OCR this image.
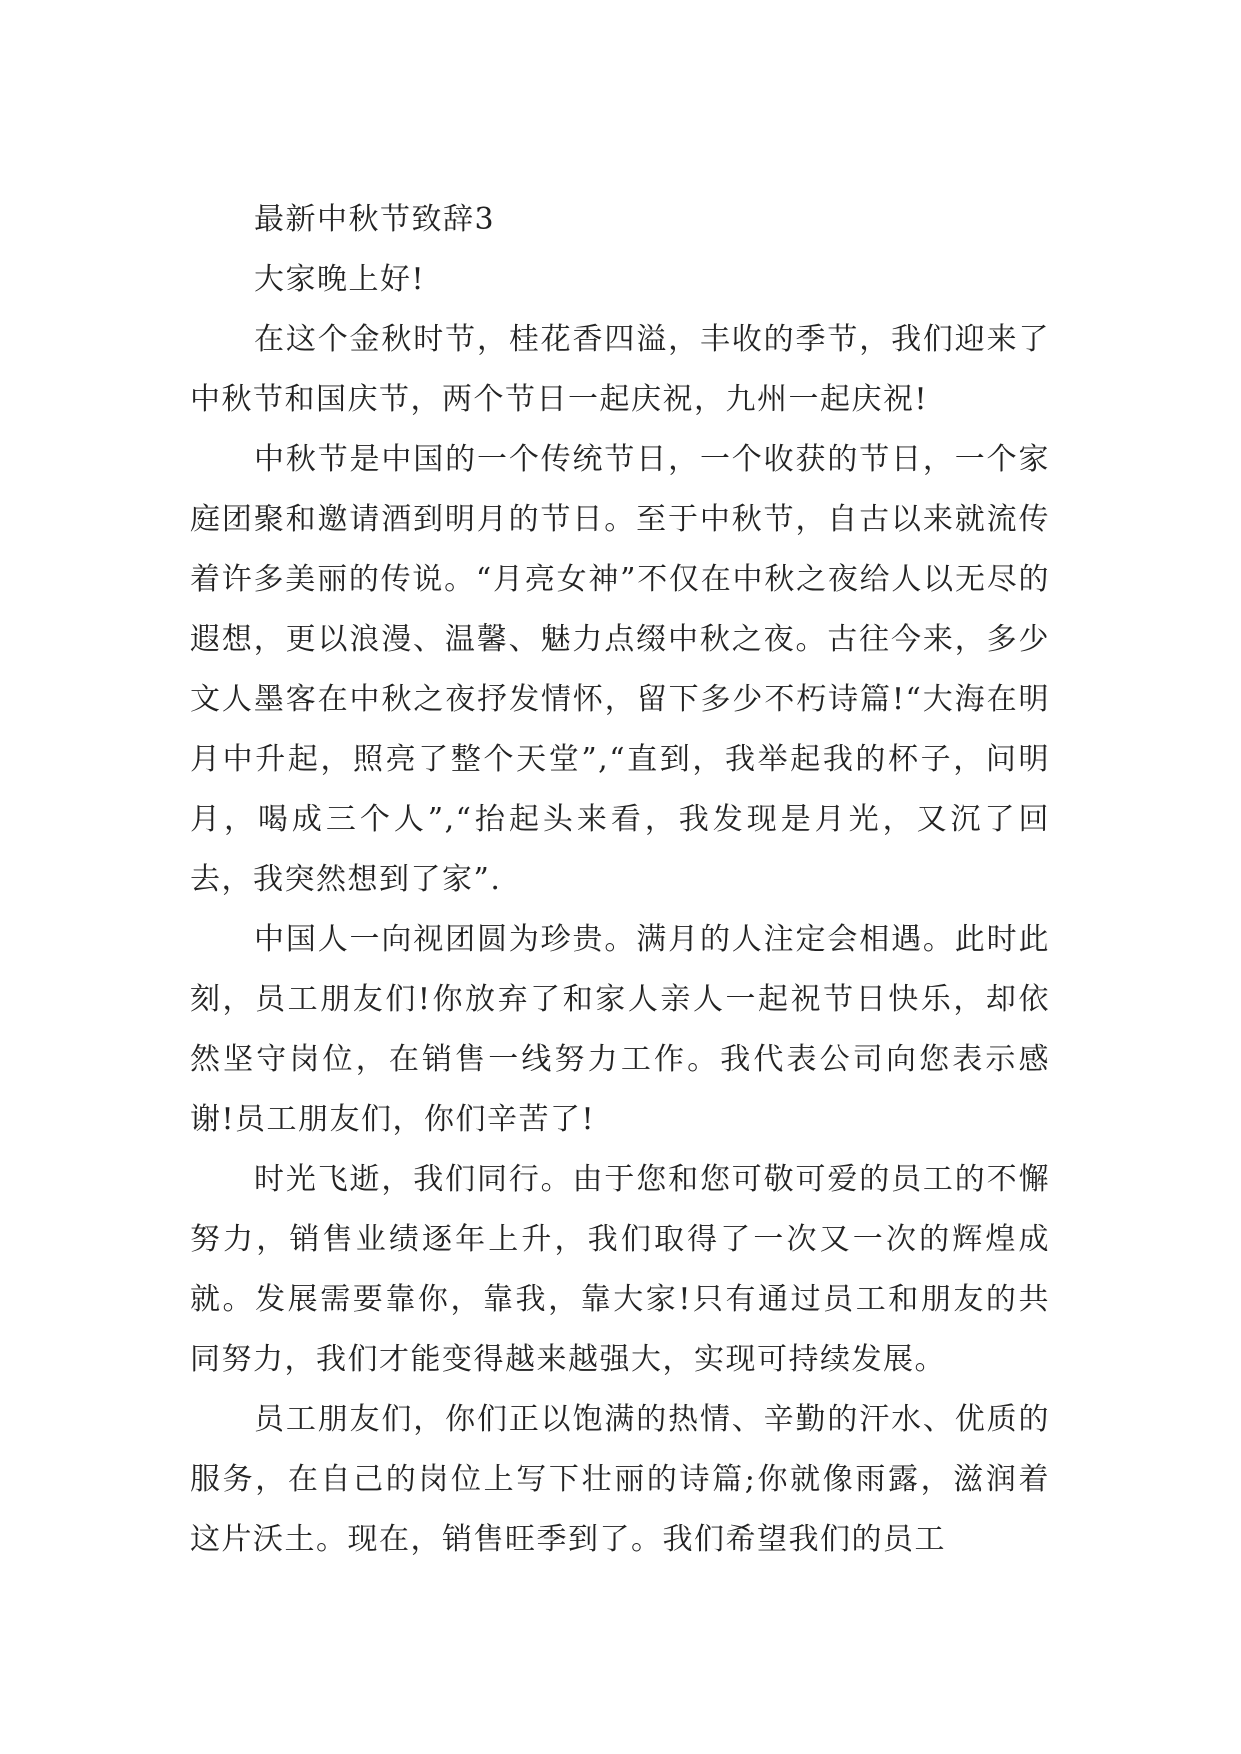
最新中秋节致辞3

大家晚上好!

在这个金秋时节，桂花香四溢，丰收的季节，我们迎来了中秋节和国庆节，两个节日一起庆祝，九州一起庆祝!

中秋节是中国的一个传统节日，一个收获的节日，一个家庭团聚和邀请酒到明月的节日。至于中秋节，自古以来就流传着许多美丽的传说。“月亮女神”不仅在中秋之夜给人以无尽的遐想，更以浪漫、温馨、魅力点缀中秋之夜。古往今来，多少文人墨客在中秋之夜抒发情怀，留下多少不朽诗篇!“大海在明月中升起，照亮了整个天堂”,“直到，我举起我的杯子，问明月，喝成三个人”,“抬起头来看，我发现是月光，又沉了回去，我突然想到了家”.

中国人一向视团圆为珍贵。满月的人注定会相遇。此时此刻，员工朋友们!你放弃了和家人亲人一起祝节日快乐，却依然坚守岗位，在销售一线努力工作。我代表公司向您表示感谢!员工朋友们，你们辛苦了!

时光飞逝，我们同行。由于您和您可敬可爱的员工的不懈努力，销售业绩逐年上升，我们取得了一次又一次的辉煌成就。发展需要靠你，靠我，靠大家!只有通过员工和朋友的共同努力，我们才能变得越来越强大，实现可持续发展。

员工朋友们，你们正以饱满的热情、辛勤的汗水、优质的服务，在自己的岗位上写下壮丽的诗篇;你就像雨露，滋润着这片沃土。现在，销售旺季到了。我们希望我们的员工
